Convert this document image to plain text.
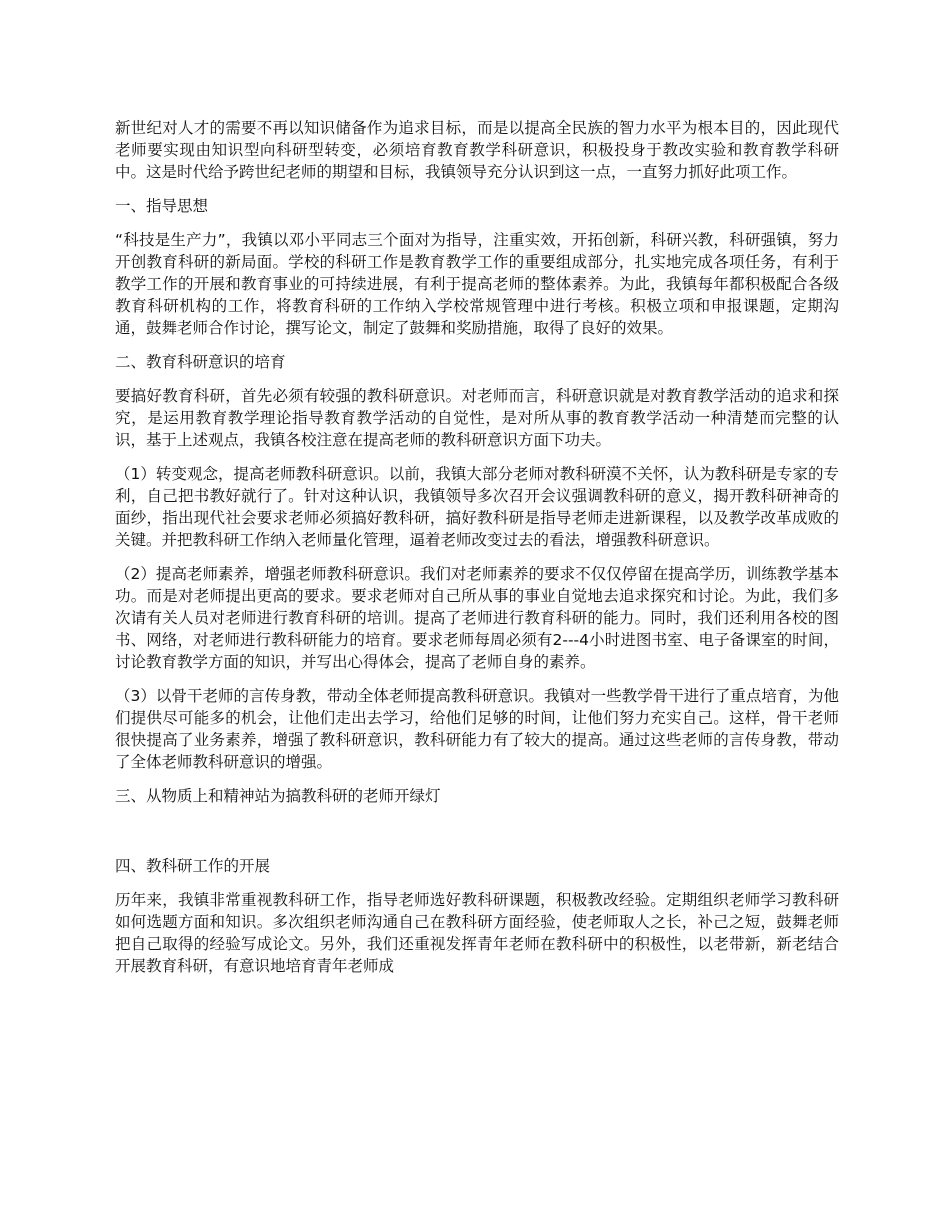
新世纪对人才的需要不再以知识储备作为追求目标，而是以提高全民族的智力水平为根本目的，因此现代老师要实现由知识型向科研型转变，必须培育教育教学科研意识，积极投身于教改实验和教育教学科研中。这是时代给予跨世纪老师的期望和目标，我镇领导充分认识到这一点，一直努力抓好此项工作。

一、指导思想

“科技是生产力”，我镇以邓小平同志三个面对为指导，注重实效，开拓创新，科研兴教，科研强镇，努力开创教育科研的新局面。学校的科研工作是教育教学工作的重要组成部分，扎实地完成各项任务，有利于教学工作的开展和教育事业的可持续进展，有利于提高老师的整体素养。为此，我镇每年都积极配合各级教育科研机构的工作，将教育科研的工作纳入学校常规管理中进行考核。积极立项和申报课题，定期沟通，鼓舞老师合作讨论，撰写论文，制定了鼓舞和奖励措施，取得了良好的效果。

二、教育科研意识的培育

要搞好教育科研，首先必须有较强的教科研意识。对老师而言，科研意识就是对教育教学活动的追求和探究，是运用教育教学理论指导教育教学活动的自觉性，是对所从事的教育教学活动一种清楚而完整的认识，基于上述观点，我镇各校注意在提高老师的教科研意识方面下功夫。

（1）转变观念，提高老师教科研意识。以前，我镇大部分老师对教科研漠不关怀，认为教科研是专家的专利，自己把书教好就行了。针对这种认识，我镇领导多次召开会议强调教科研的意义，揭开教科研神奇的面纱，指出现代社会要求老师必须搞好教科研，搞好教科研是指导老师走进新课程，以及教学改革成败的关键。并把教科研工作纳入老师量化管理，逼着老师改变过去的看法，增强教科研意识。

（2）提高老师素养，增强老师教科研意识。我们对老师素养的要求不仅仅停留在提高学历，训练教学基本功。而是对老师提出更高的要求。要求老师对自己所从事的事业自觉地去追求探究和讨论。为此，我们多次请有关人员对老师进行教育科研的培训。提高了老师进行教育科研的能力。同时，我们还利用各校的图书、网络，对老师进行教科研能力的培育。要求老师每周必须有2---4小时进图书室、电子备课室的时间，讨论教育教学方面的知识，并写出心得体会，提高了老师自身的素养。

（3）以骨干老师的言传身教，带动全体老师提高教科研意识。我镇对一些教学骨干进行了重点培育，为他们提供尽可能多的机会，让他们走出去学习，给他们足够的时间，让他们努力充实自己。这样，骨干老师很快提高了业务素养，增强了教科研意识，教科研能力有了较大的提高。通过这些老师的言传身教，带动了全体老师教科研意识的增强。

三、从物质上和精神站为搞教科研的老师开绿灯

四、教科研工作的开展

历年来，我镇非常重视教科研工作，指导老师选好教科研课题，积极教改经验。定期组织老师学习教科研如何选题方面和知识。多次组织老师沟通自己在教科研方面经验，使老师取人之长，补己之短，鼓舞老师把自己取得的经验写成论文。另外，我们还重视发挥青年老师在教科研中的积极性，以老带新，新老结合开展教育科研，有意识地培育青年老师成
